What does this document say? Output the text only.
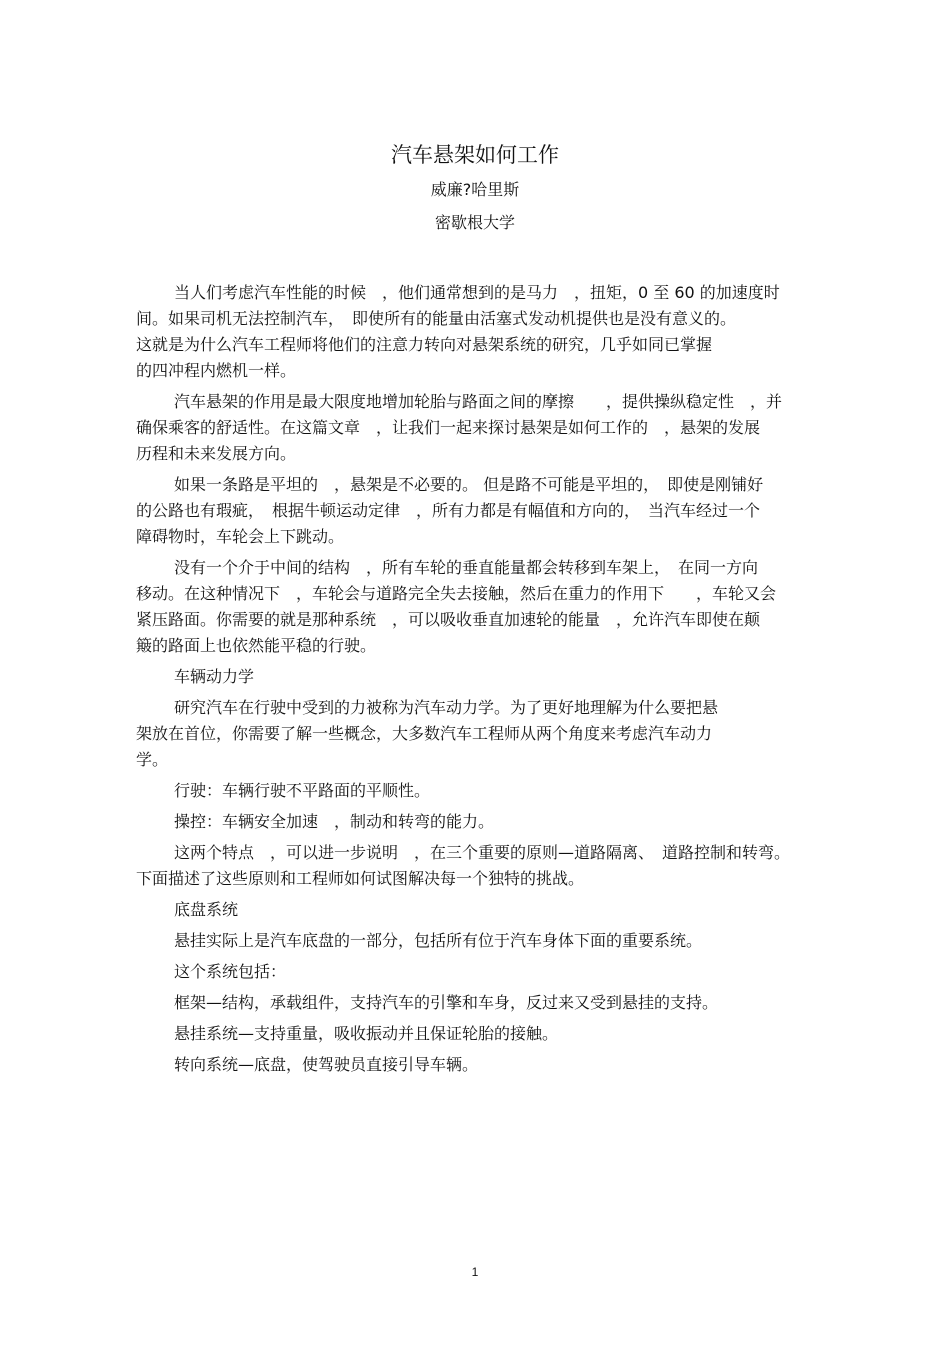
汽车悬架如何工作
威廉?哈里斯
密歇根大学
当人们考虑汽车性能的时候　，他们通常想到的是马力　，扭矩，0 至 60 的加速度时
间。如果司机无法控制汽车，　即使所有的能量由活塞式发动机提供也是没有意义的。
这就是为什么汽车工程师将他们的注意力转向对悬架系统的研究，几乎如同已掌握
的四冲程内燃机一样。
汽车悬架的作用是最大限度地增加轮胎与路面之间的摩擦　　，提供操纵稳定性　，并
确保乘客的舒适性。在这篇文章　，让我们一起来探讨悬架是如何工作的　，悬架的发展
历程和未来发展方向。
如果一条路是平坦的　，悬架是不必要的。 但是路不可能是平坦的，　即使是刚铺好
的公路也有瑕疵，　根据牛顿运动定律　，所有力都是有幅值和方向的，　当汽车经过一个
障碍物时，车轮会上下跳动。
没有一个介于中间的结构　，所有车轮的垂直能量都会转移到车架上，　在同一方向
移动。在这种情况下　，车轮会与道路完全失去接触，然后在重力的作用下　　，车轮又会
紧压路面。你需要的就是那种系统　，可以吸收垂直加速轮的能量　，允许汽车即使在颠
簸的路面上也依然能平稳的行驶。
车辆动力学
研究汽车在行驶中受到的力被称为汽车动力学。为了更好地理解为什么要把悬
架放在首位，你需要了解一些概念，大多数汽车工程师从两个角度来考虑汽车动力
学。
行驶：车辆行驶不平路面的平顺性。
操控：车辆安全加速　，制动和转弯的能力。
这两个特点　，可以进一步说明　，在三个重要的原则—道路隔离、　道路控制和转弯。
下面描述了这些原则和工程师如何试图解决每一个独特的挑战。
底盘系统
悬挂实际上是汽车底盘的一部分，包括所有位于汽车身体下面的重要系统。
这个系统包括：
框架—结构，承载组件，支持汽车的引擎和车身，反过来又受到悬挂的支持。
悬挂系统—支持重量，吸收振动并且保证轮胎的接触。
转向系统—底盘，使驾驶员直接引导车辆。
1
